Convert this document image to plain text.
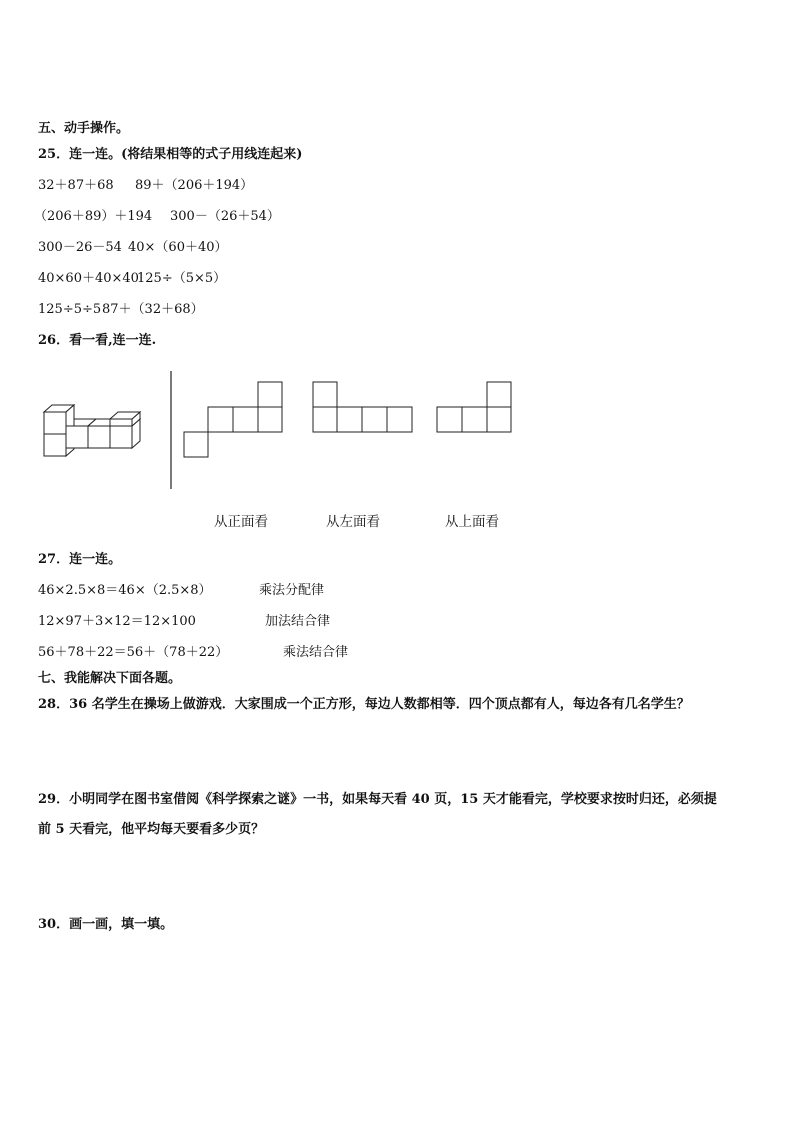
五、动手操作。
25．连一连。(将结果相等的式子用线连起来)
32＋87＋68 89＋（206＋194）
（206＋89）＋194 300－（26＋54）
300－26－54 40×（60＋40）
40×60＋40×40125÷（5×5）
125÷5÷587＋（32＋68）
26．看一看,连一连.
从正面看	从左面看	从上面看
27．连一连。
46×2.5×8＝46×（2.5×8）	乘法分配律
12×97＋3×12＝12×100	加法结合律
56＋78＋22＝56＋（78＋22）	乘法结合律
七、我能解决下面各题。
28．36 名学生在操场上做游戏．大家围成一个正方形，每边人数都相等．四个顶点都有人，每边各有几名学生？
29．小明同学在图书室借阅《科学探索之谜》一书，如果每天看 40 页，15 天才能看完，学校要求按时归还，必须提
前 5 天看完，他平均每天要看多少页？
30．画一画，填一填。
